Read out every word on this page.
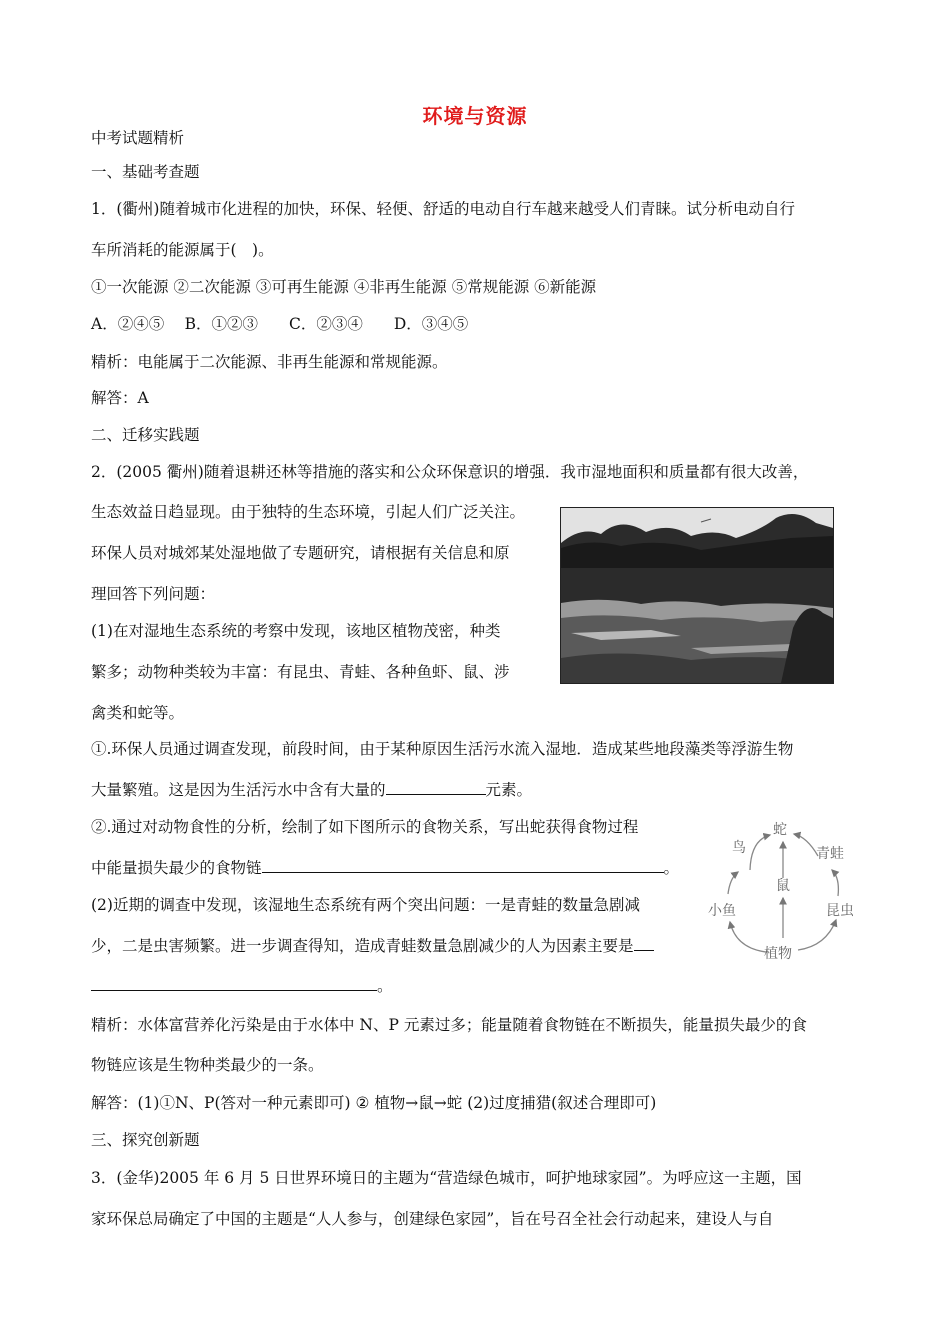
环境与资源
中考试题精析
一、基础考查题
1．(衢州)随着城市化进程的加快，环保、轻便、舒适的电动自行车越来越受人们青睐。试分析电动自行
车所消耗的能源属于(　)。
①一次能源 ②二次能源 ③可再生能源 ④非再生能源 ⑤常规能源 ⑥新能源
A．②④⑤　 B．①②③　　C．②③④　　D．③④⑤
精析：电能属于二次能源、非再生能源和常规能源。
解答：A
二、迁移实践题
2．(2005 衢州)随着退耕还林等措施的落实和公众环保意识的增强．我市湿地面积和质量都有很大改善，
生态效益日趋显现。由于独特的生态环境，引起人们广泛关注。
环保人员对城郊某处湿地做了专题研究，请根据有关信息和原
理回答下列问题：
(1)在对湿地生态系统的考察中发现，该地区植物茂密，种类
繁多；动物种类较为丰富：有昆虫、青蛙、各种鱼虾、鼠、涉
禽类和蛇等。
①.环保人员通过调查发现，前段时间，由于某种原因生活污水流入湿地．造成某些地段藻类等浮游生物
大量繁殖。这是因为生活污水中含有大量的	元素。
②.通过对动物食性的分析，绘制了如下图所示的食物关系，写出蛇获得食物过程
中能量损失最少的食物链	。
(2)近期的调查中发现，该湿地生态系统有两个突出问题：一是青蛙的数量急剧减
少，二是虫害频繁。进一步调查得知，造成青蛙数量急剧减少的人为因素主要是
。
精析：水体富营养化污染是由于水体中 N、P 元素过多；能量随着食物链在不断损失，能量损失最少的食
物链应该是生物种类最少的一条。
解答：(1)①N、P(答对一种元素即可) ② 植物→鼠→蛇 (2)过度捕猎(叙述合理即可)
三、探究创新题
3．(金华)2005 年 6 月 5 日世界环境日的主题为“营造绿色城市，呵护地球家园”。为呼应这一主题，国
家环保总局确定了中国的主题是“人人参与，创建绿色家园”，旨在号召全社会行动起来，建设人与自
蛇
鸟	青蛙
鼠
小鱼	昆虫
植物
